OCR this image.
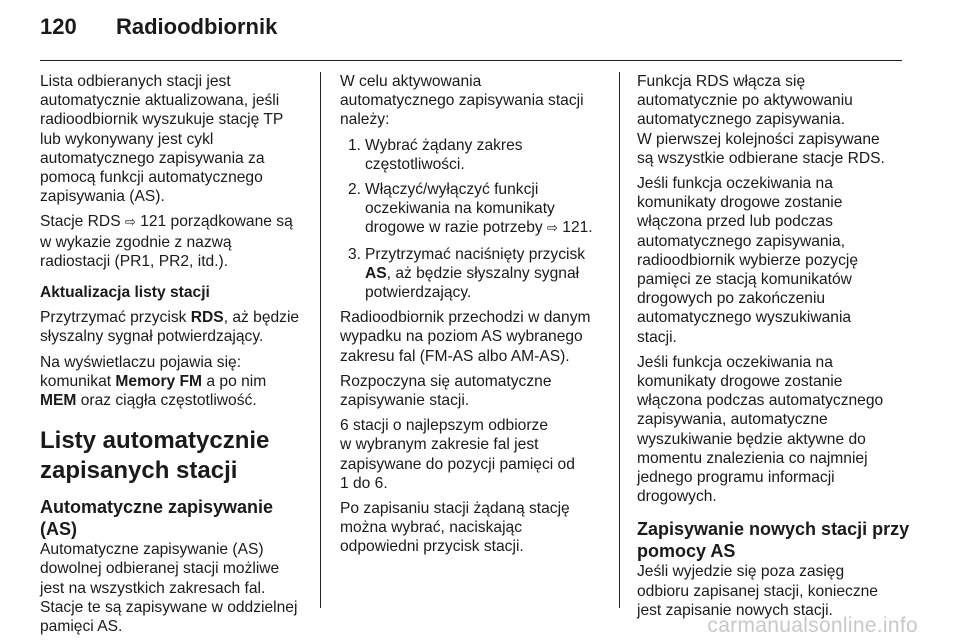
120 Radioodbiornik

Lista odbieranych stacji jest
automatycznie aktualizowana, jeśli
radioodbiornik wyszukuje stację TP
lub wykonywany jest cykl
automatycznego zapisywania za
pomocą funkcji automatycznego
zapisywania (AS).

Stacje RDS ⇨ 121 porządkowane są
w wykazie zgodnie z nazwą
radiostacji (PR1, PR2, itd.).

Aktualizacja listy stacji

Przytrzymać przycisk RDS, aż będzie
słyszalny sygnał potwierdzający.

Na wyświetlaczu pojawia się:
komunikat Memory FM a po nim
MEM oraz ciągła częstotliwość.

Listy automatycznie
zapisanych stacji
Automatyczne zapisywanie
(AS)

Automatyczne zapisywanie (AS)
dowolnej odbieranej stacji możliwe
jest na wszystkich zakresach fal.
Stacje te są zapisywane w oddzielnej
pamięci AS.

W celu aktywowania
automatycznego zapisywania stacji
należy:

1. Wybrać żądany zakres
częstotliwości.
2. Włączyć/wyłączyć funkcji
oczekiwania na komunikaty
drogowe w razie potrzeby ⇨ 121.
3. Przytrzymać naciśnięty przycisk
AS, aż będzie słyszalny sygnał
potwierdzający.

Radioodbiornik przechodzi w danym
wypadku na poziom AS wybranego
zakresu fal (FM-AS albo AM-AS).

Rozpoczyna się automatyczne
zapisywanie stacji.

6 stacji o najlepszym odbiorze
w wybranym zakresie fal jest
zapisywane do pozycji pamięci od
1 do 6.

Po zapisaniu stacji żądaną stację
można wybrać, naciskając
odpowiedni przycisk stacji.

Funkcja RDS włącza się
automatycznie po aktywowaniu
automatycznego zapisywania.
W pierwszej kolejności zapisywane
są wszystkie odbierane stacje RDS.

Jeśli funkcja oczekiwania na
komunikaty drogowe zostanie
włączona przed lub podczas
automatycznego zapisywania,
radioodbiornik wybierze pozycję
pamięci ze stacją komunikatów
drogowych po zakończeniu
automatycznego wyszukiwania
stacji.

Jeśli funkcja oczekiwania na
komunikaty drogowe zostanie
włączona podczas automatycznego
zapisywania, automatyczne
wyszukiwanie będzie aktywne do
momentu znalezienia co najmniej
jednego programu informacji
drogowych.

Zapisywanie nowych stacji przy
pomocy AS

Jeśli wyjedzie się poza zasięg
odbioru zapisanej stacji, konieczne
jest zapisanie nowych stacji.

carmanualsonline.info
